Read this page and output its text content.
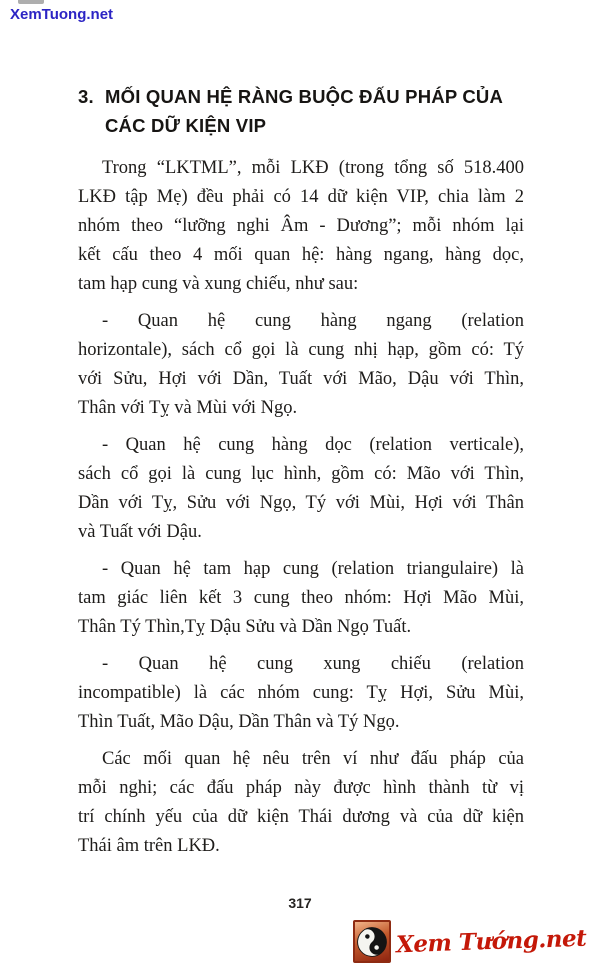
XemTuong.net
3. MỐI QUAN HỆ RÀNG BUỘC ĐẤU PHÁP CỦA
CÁC DỮ KIỆN VIP
Trong “LKTML”, mỗi LKĐ (trong tổng số 518.400
LKĐ tập Mẹ) đều phải có 14 dữ kiện VIP, chia làm 2
nhóm theo “lưỡng nghi Âm - Dương”; mỗi nhóm lại
kết cấu theo 4 mối quan hệ: hàng ngang, hàng dọc,
tam hạp cung và xung chiếu, như sau:
- Quan hệ cung hàng ngang (relation
horizontale), sách cổ gọi là cung nhị hạp, gồm có: Tý
với Sửu, Hợi với Dần, Tuất với Mão, Dậu với Thìn,
Thân với Tỵ và Mùi với Ngọ.
- Quan hệ cung hàng dọc (relation verticale),
sách cổ gọi là cung lục hình, gồm có: Mão với Thìn,
Dần với Tỵ, Sửu với Ngọ, Tý với Mùi, Hợi với Thân
và Tuất với Dậu.
- Quan hệ tam hạp cung (relation triangulaire) là
tam giác liên kết 3 cung theo nhóm: Hợi Mão Mùi,
Thân Tý Thìn,Tỵ Dậu Sửu và Dần Ngọ Tuất.
- Quan hệ cung xung chiếu (relation
incompatible) là các nhóm cung: Tỵ Hợi, Sửu Mùi,
Thìn Tuất, Mão Dậu, Dần Thân và Tý Ngọ.
Các mối quan hệ nêu trên ví như đấu pháp của
mỗi nghi; các đấu pháp này được hình thành từ vị
trí chính yếu của dữ kiện Thái dương và của dữ kiện
Thái âm trên LKĐ.
317
Xem Tướng.net
